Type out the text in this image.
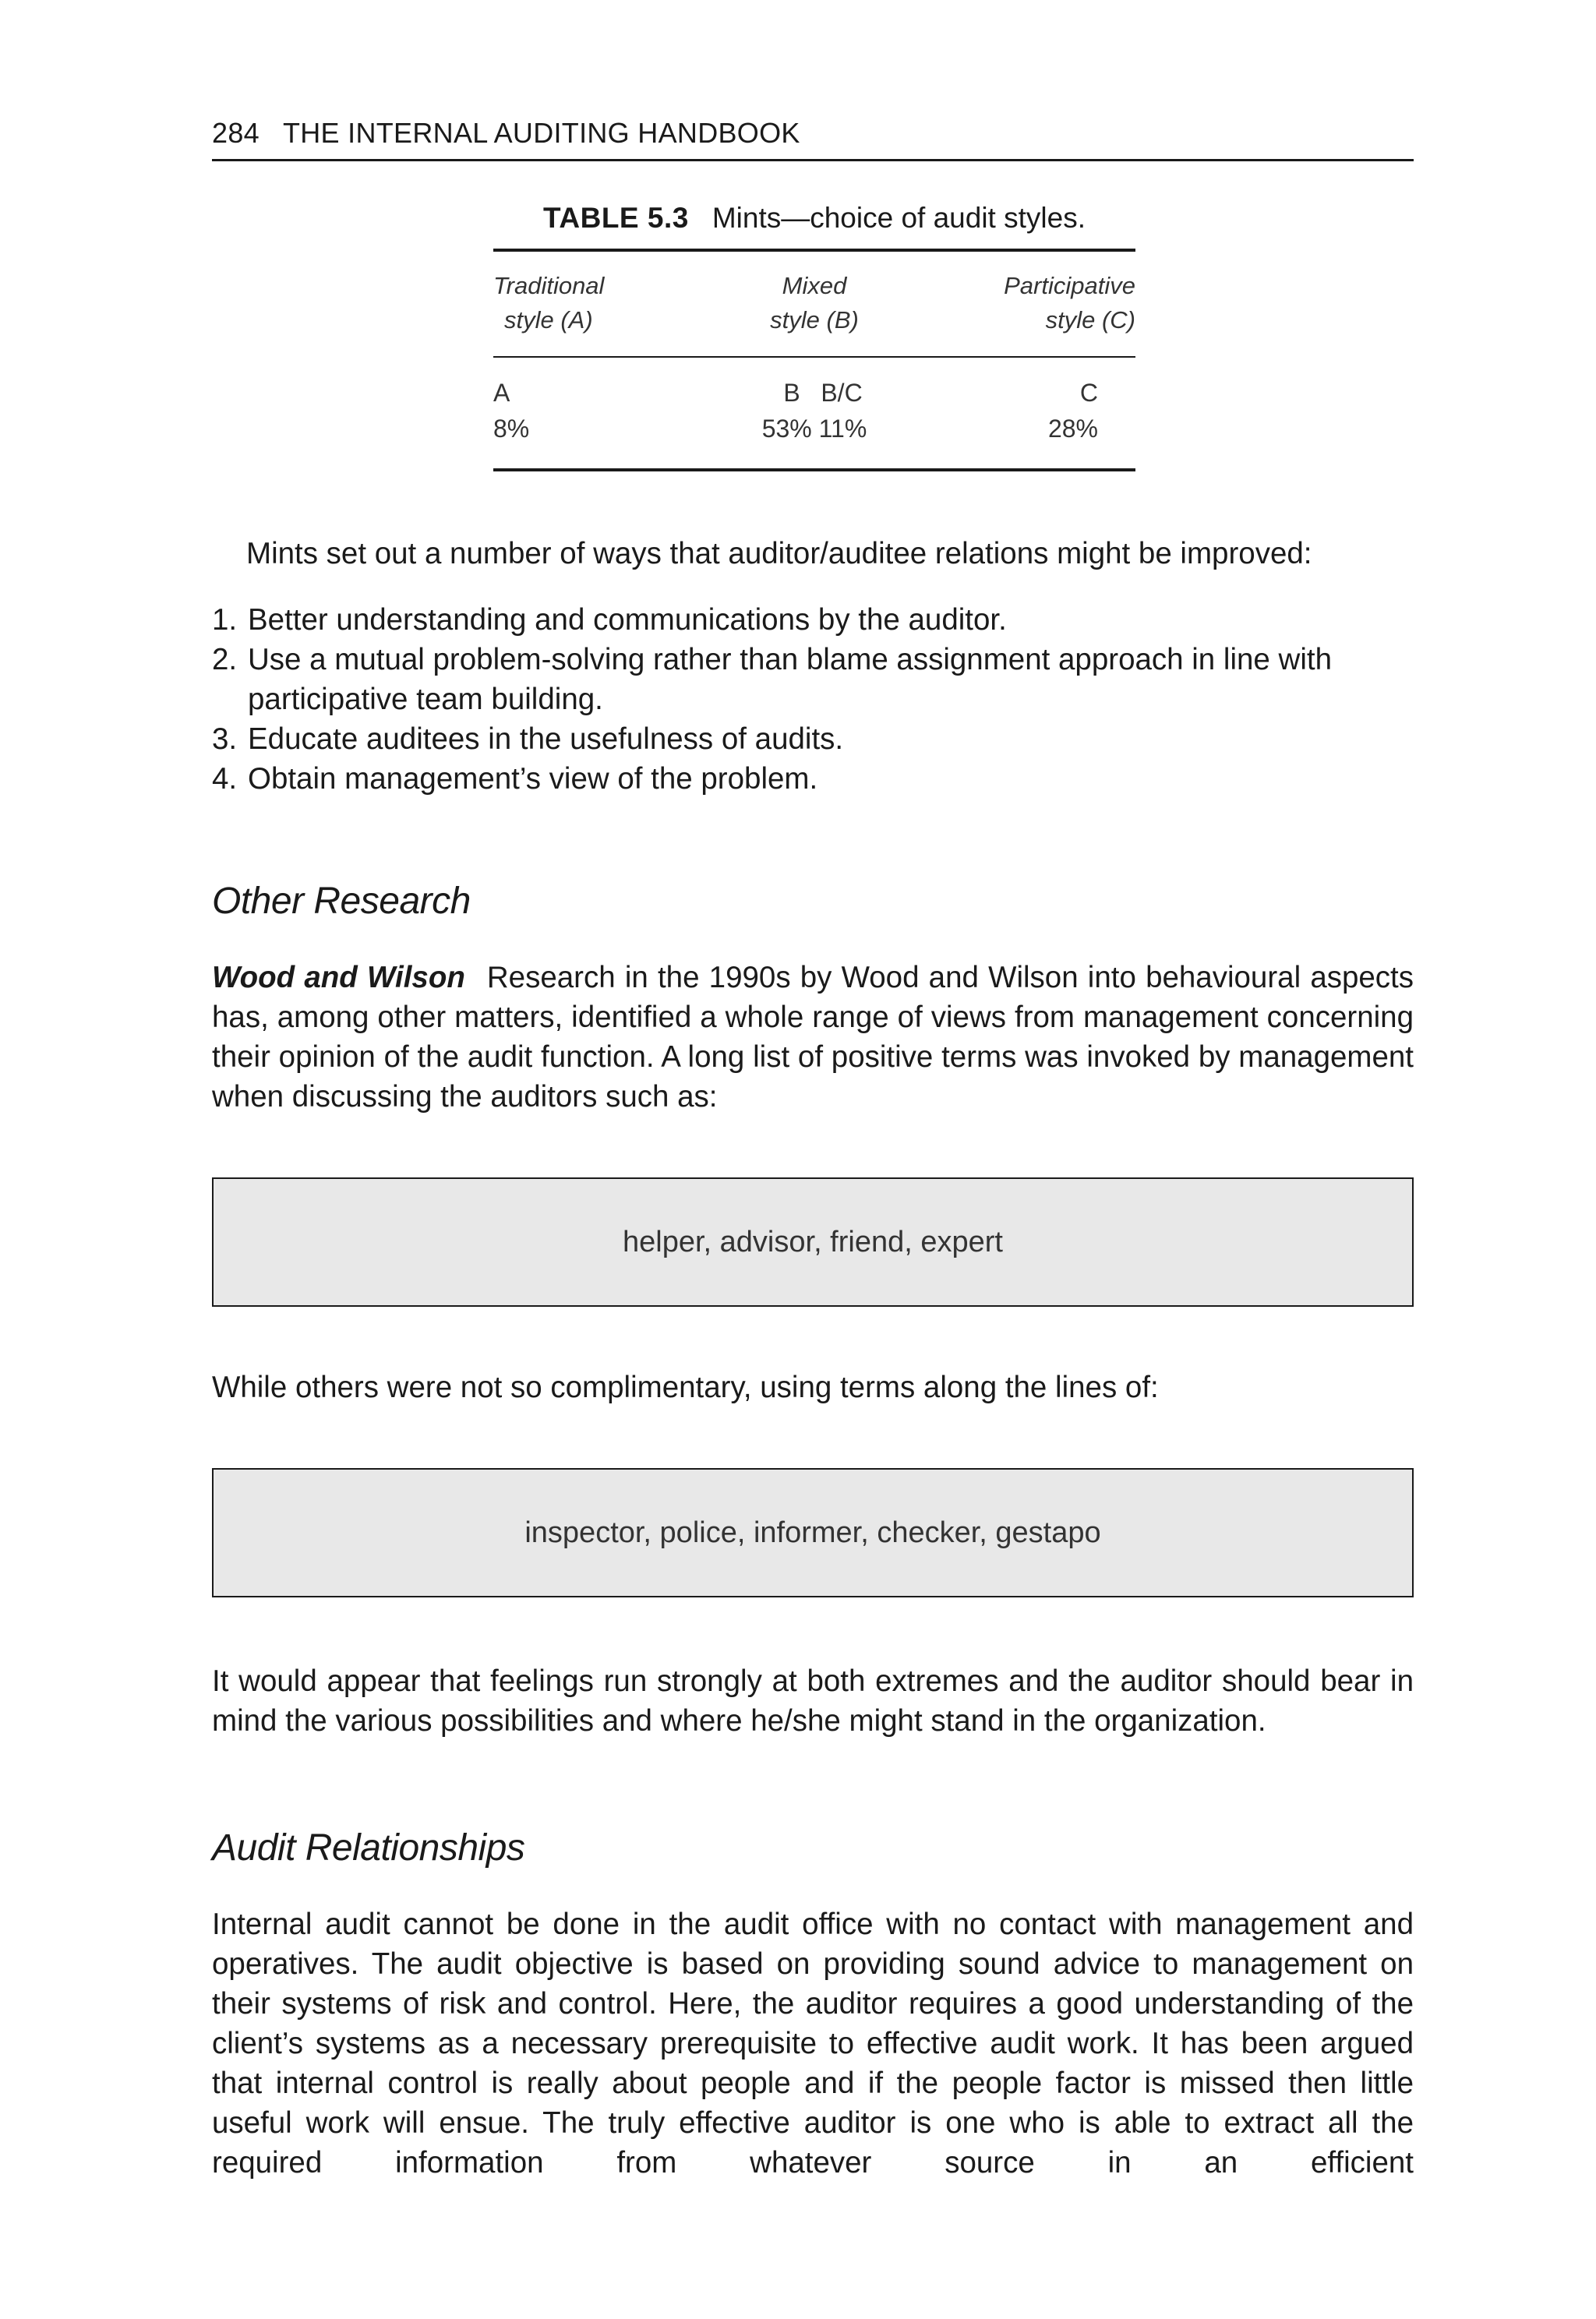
284 THE INTERNAL AUDITING HANDBOOK
TABLE 5.3 Mints—choice of audit styles.
Traditional
style (A)
Mixed
style (B)
Participative
style (C)
A
8%
B   B/C
53% 11%
C
28%

Mints set out a number of ways that auditor/auditee relations might be improved:

1. Better understanding and communications by the auditor.
2. Use a mutual problem-solving rather than blame assignment approach in line with participative team building.
3. Educate auditees in the usefulness of audits.
4. Obtain management’s view of the problem.
Other Research

Wood and Wilson Research in the 1990s by Wood and Wilson into behavioural aspects has, among other matters, identified a whole range of views from management concerning their opinion of the audit function. A long list of positive terms was invoked by management when discussing the auditors such as:

helper, advisor, friend, expert

While others were not so complimentary, using terms along the lines of:

inspector, police, informer, checker, gestapo

It would appear that feelings run strongly at both extremes and the auditor should bear in mind the various possibilities and where he/she might stand in the organization.

Audit Relationships

Internal audit cannot be done in the audit office with no contact with management and operatives. The audit objective is based on providing sound advice to management on their systems of risk and control. Here, the auditor requires a good understanding of the client’s systems as a necessary prerequisite to effective audit work. It has been argued that internal control is really about people and if the people factor is missed then little useful work will ensue. The truly effective auditor is one who is able to extract all the required information from whatever source in an efficient
